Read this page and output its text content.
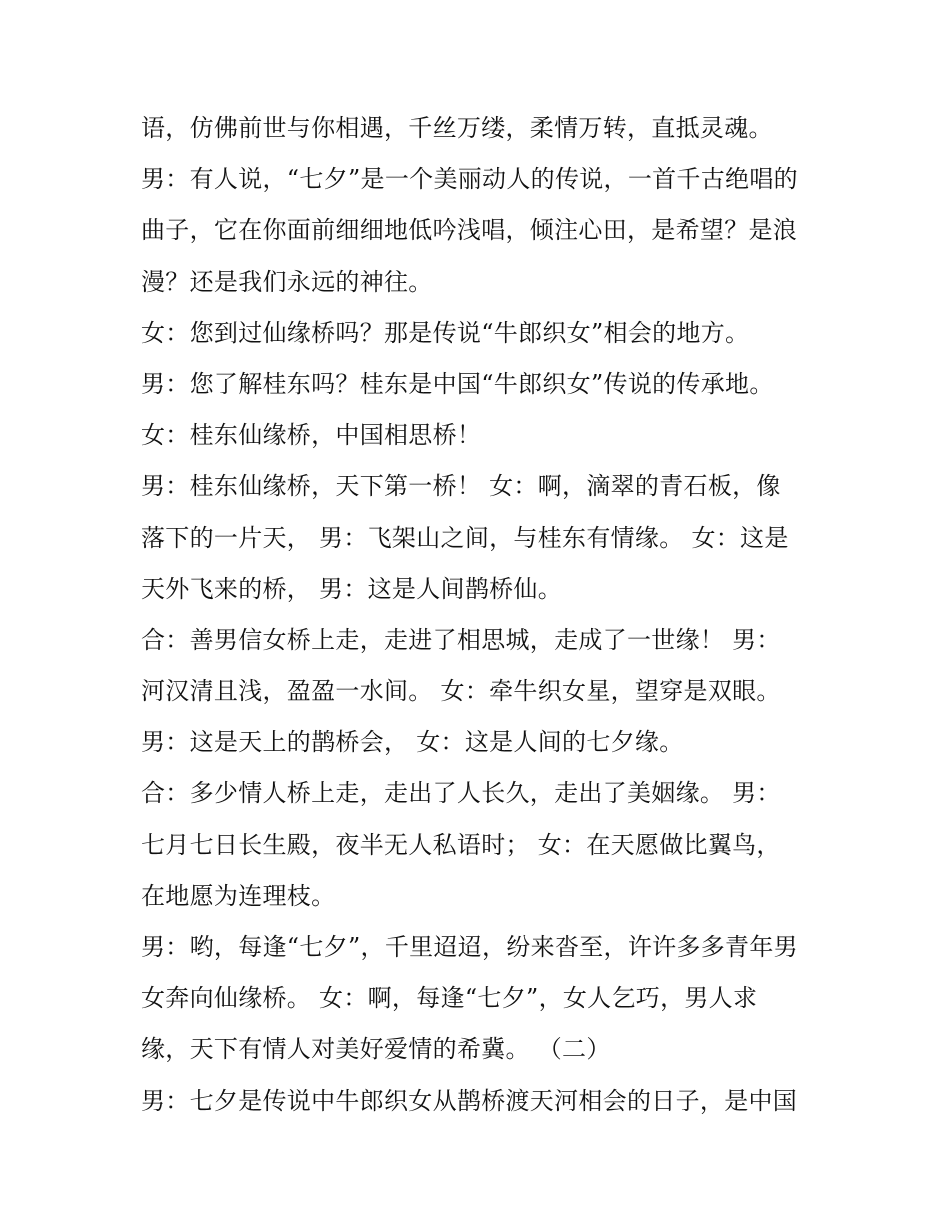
语，仿佛前世与你相遇，千丝万缕，柔情万转，直抵灵魂。
男：有人说，“七夕”是一个美丽动人的传说，一首千古绝唱的
曲子，它在你面前细细地低吟浅唱，倾注心田，是希望？是浪
漫？还是我们永远的神往。
女：您到过仙缘桥吗？那是传说“牛郎织女”相会的地方。
男：您了解桂东吗？桂东是中国“牛郎织女”传说的传承地。
女：桂东仙缘桥，中国相思桥！
男：桂东仙缘桥，天下第一桥！ 女：啊，滴翠的青石板，像
落下的一片天， 男：飞架山之间，与桂东有情缘。 女：这是
天外飞来的桥， 男：这是人间鹊桥仙。
合：善男信女桥上走，走进了相思城，走成了一世缘！ 男：
河汉清且浅，盈盈一水间。 女：牵牛织女星，望穿是双眼。
男：这是天上的鹊桥会， 女：这是人间的七夕缘。
合：多少情人桥上走，走出了人长久，走出了美姻缘。 男：
七月七日长生殿，夜半无人私语时； 女：在天愿做比翼鸟，
在地愿为连理枝。
男：哟，每逢“七夕”，千里迢迢，纷来沓至，许许多多青年男
女奔向仙缘桥。 女：啊，每逢“七夕”，女人乞巧，男人求
缘，天下有情人对美好爱情的希冀。 （二）
男：七夕是传说中牛郎织女从鹊桥渡天河相会的日子，是中国
